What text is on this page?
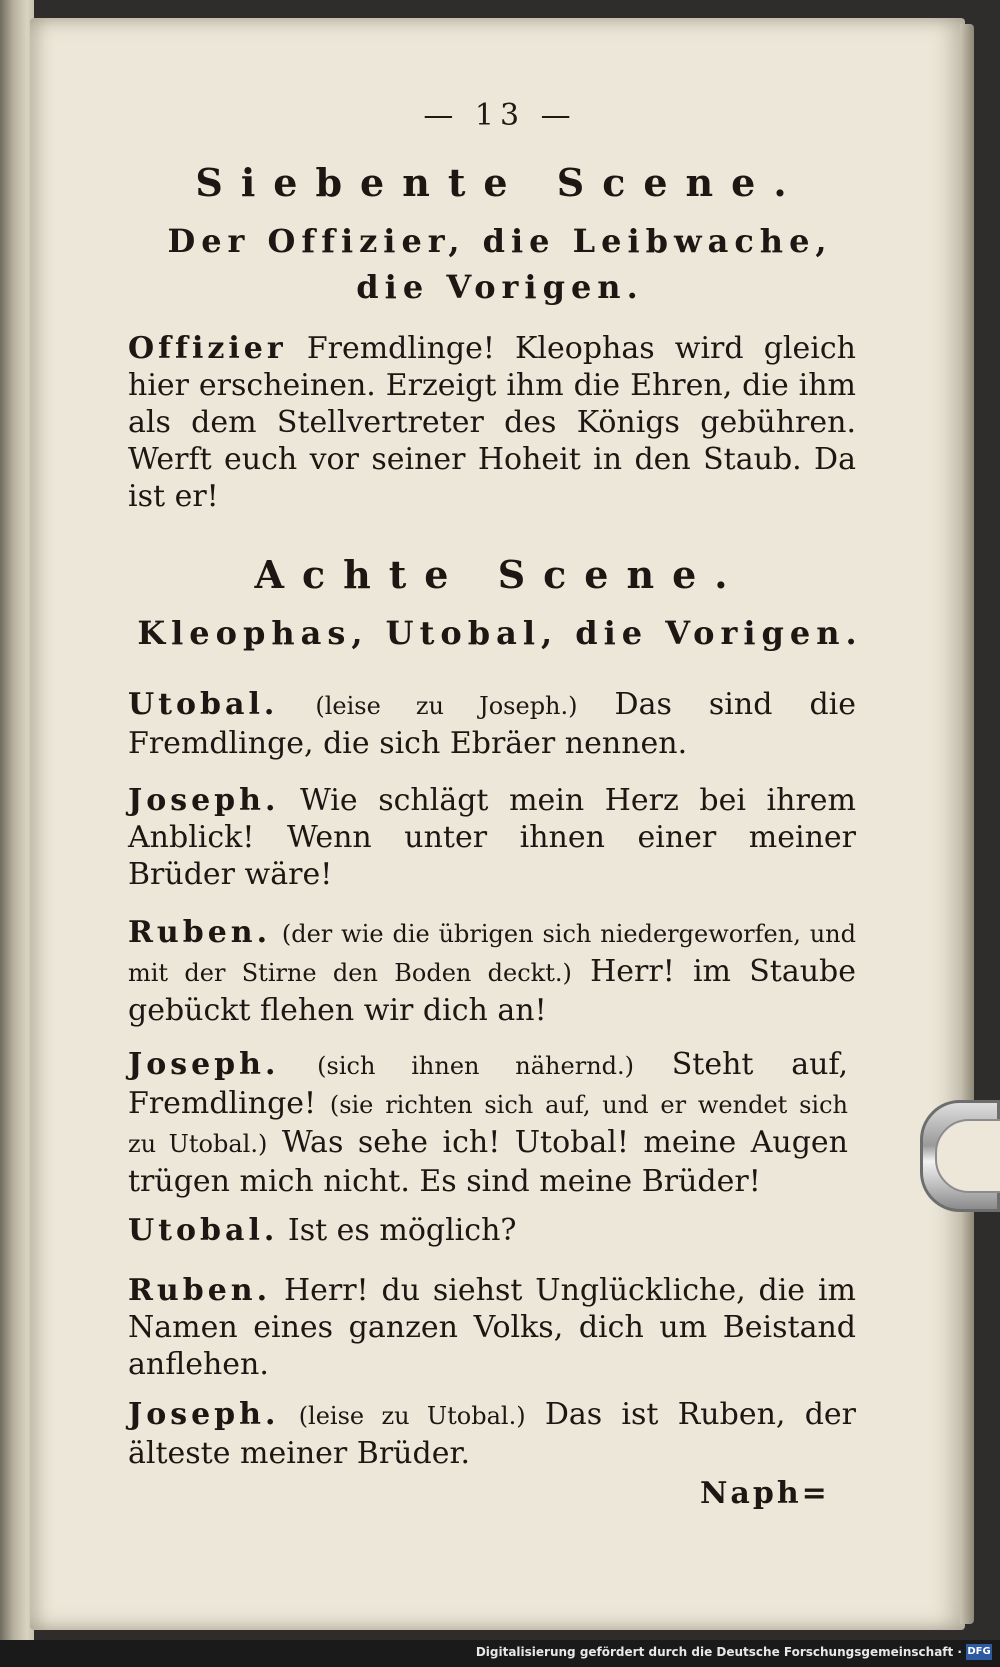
— 13 —
Siebente Scene.
Der Offizier, die Leibwache,
die Vorigen.
Offizier Fremdlinge! Kleophas wird gleich hier erscheinen. Erzeigt ihm die Ehren, die ihm als dem Stellvertreter des Königs gebühren. Werft euch vor seiner Hoheit in den Staub. Da ist er!
Achte Scene.
Kleophas, Utobal, die Vorigen.
Utobal. (leise zu Joseph.) Das sind die Fremdlinge, die sich Ebräer nennen.
Joseph. Wie schlägt mein Herz bei ihrem Anblick! Wenn unter ihnen einer meiner Brüder wäre!
Ruben. (der wie die übrigen sich niedergeworfen, und mit der Stirne den Boden deckt.) Herr! im Staube gebückt flehen wir dich an!
Joseph. (sich ihnen nähernd.) Steht auf, Fremdlinge! (sie richten sich auf, und er wendet sich zu Utobal.) Was sehe ich! Utobal! meine Augen trügen mich nicht. Es sind meine Brüder!
Utobal. Ist es möglich?
Ruben. Herr! du siehst Unglückliche, die im Namen eines ganzen Volks, dich um Beistand anflehen.
Joseph. (leise zu Utobal.) Das ist Ruben, der älteste meiner Brüder.
Naph=
Digitalisierung gefördert durch die Deutsche Forschungsgemeinschaft · DFG
